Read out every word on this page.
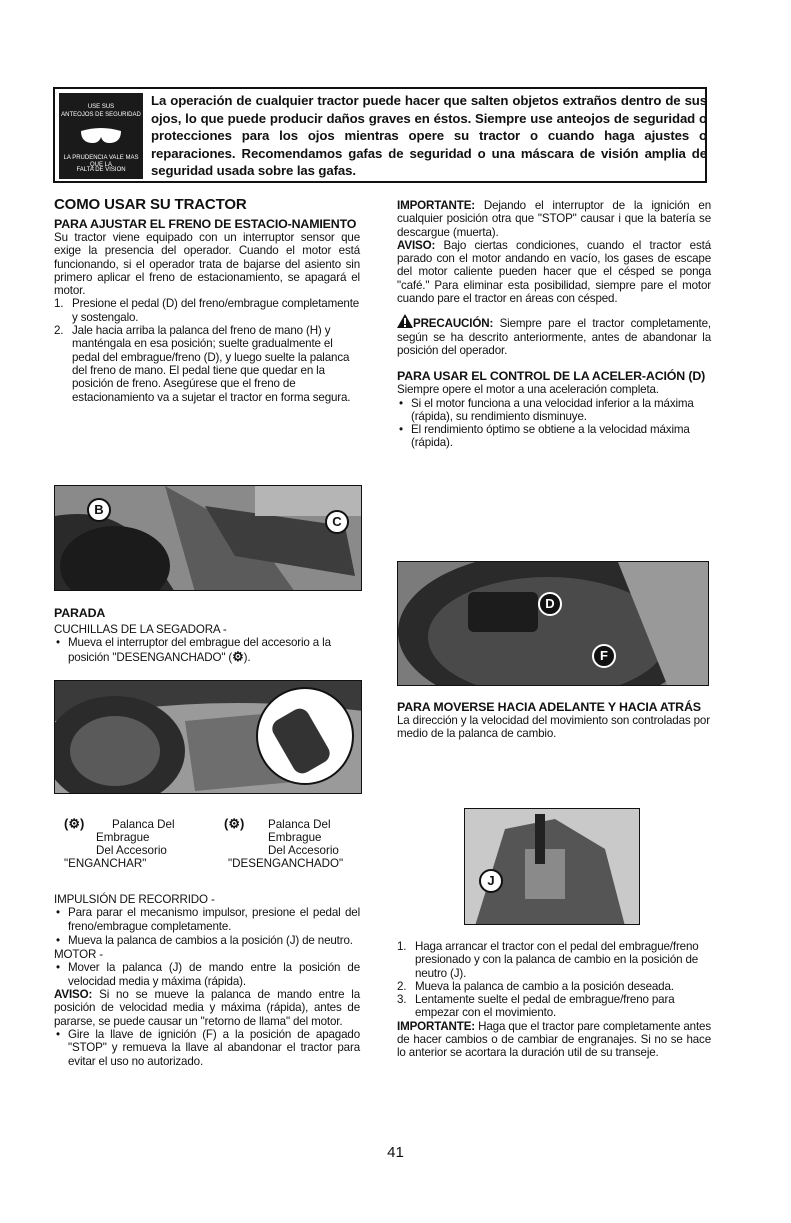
USE SUS
ANTEOJOS DE SEGURIDAD
LA PRUDENCIA VALE MAS QUE LA
FALTA DE VISION
La operación de cualquier tractor puede hacer que salten objetos extraños dentro de sus ojos, lo que puede producir daños graves en éstos. Siempre use anteojos de seguridad o protecciones para los ojos mientras opere su tractor o cuando haga ajustes o reparaciones. Recomendamos gafas de seguridad o una máscara de visión amplia de seguridad usada sobre las gafas.
COMO USAR SU TRACTOR
PARA AJUSTAR EL FRENO DE ESTACIO-NAMIENTO

Su tractor viene equipado con un interruptor sensor que exige la presencia del operador. Cuando el motor está funcionando, si el operador trata de bajarse del asiento sin primero aplicar el freno de estacionamiento, se apagará el motor.

1. Presione el pedal (D) del freno/embrague completamente y sostengalo.
2. Jale hacia arriba la palanca del freno de mano (H) y manténgala en esa posición; suelte gradualmente el pedal del embrague/freno (D), y luego suelte la palanca del freno de mano. El pedal tiene que quedar en la posición de freno. Asegúrese que el freno de estacionamiento va a sujetar el tractor en forma segura.
B
C
PARADA

CUCHILLAS DE LA SEGADORA -

• Mueva el interruptor del embrague del accesorio a la posición "DESENGANCHADO" (⚙).
(⚙)	Palanca Del
Embrague
Del Accesorio
"ENGANCHAR"
(⚙)	Palanca Del
Embrague
Del Accesorio
"DESENGANCHADO"

IMPULSIÓN DE RECORRIDO -

• Para parar el mecanismo impulsor, presione el pedal del freno/embrague completamente.
• Mueva la palanca de cambios a la posición (J) de neutro.

MOTOR -

• Mover la palanca (J) de mando entre la posición de velocidad media y máxima (rápida).

AVISO: Si no se mueve la palanca de mando entre la posición de velocidad media y máxima (rápida), antes de pararse, se puede causar un "retorno de llama" del motor.

• Gire la llave de ignición (F) a la posición de apagado "STOP" y remueva la llave al abandonar el tractor para evitar el uso no autorizado.

IMPORTANTE: Dejando el interruptor de la ignición en cualquier posición otra que "STOP" causar i que la batería se descargue (muerta).

AVISO: Bajo ciertas condiciones, cuando el tractor está parado con el motor andando en vacío, los gases de escape del motor caliente pueden hacer que el césped se ponga "café." Para eliminar esta posibilidad, siempre pare el motor cuando pare el tractor en áreas con césped.

PRECAUCIÓN: Siempre pare el tractor completamente, según se ha descrito anteriormente, antes de abandonar la posición del operador.

PARA USAR EL CONTROL DE LA ACELER-ACIÓN (D)

Siempre opere el motor a una aceleración completa.

• Si el motor funciona a una velocidad inferior a la máxima (rápida), su rendimiento disminuye.
• El rendimiento óptimo se obtiene a la velocidad máxima (rápida).
D
F
PARA MOVERSE HACIA ADELANTE Y HACIA ATRÁS

La dirección y la velocidad del movimiento son controladas por medio de la palanca de cambio.

J
1. Haga arrancar el tractor con el pedal del embrague/freno presionado y con la palanca de cambio en la posición de neutro (J).
2. Mueva la palanca de cambio a la posición deseada.
3. Lentamente suelte el pedal de embrague/freno para empezar con el movimiento.

IMPORTANTE: Haga que el tractor pare completamente antes de hacer cambios o de cambiar de engranajes. Si no se hace lo anterior se acortara la duración util de su transeje.

41
